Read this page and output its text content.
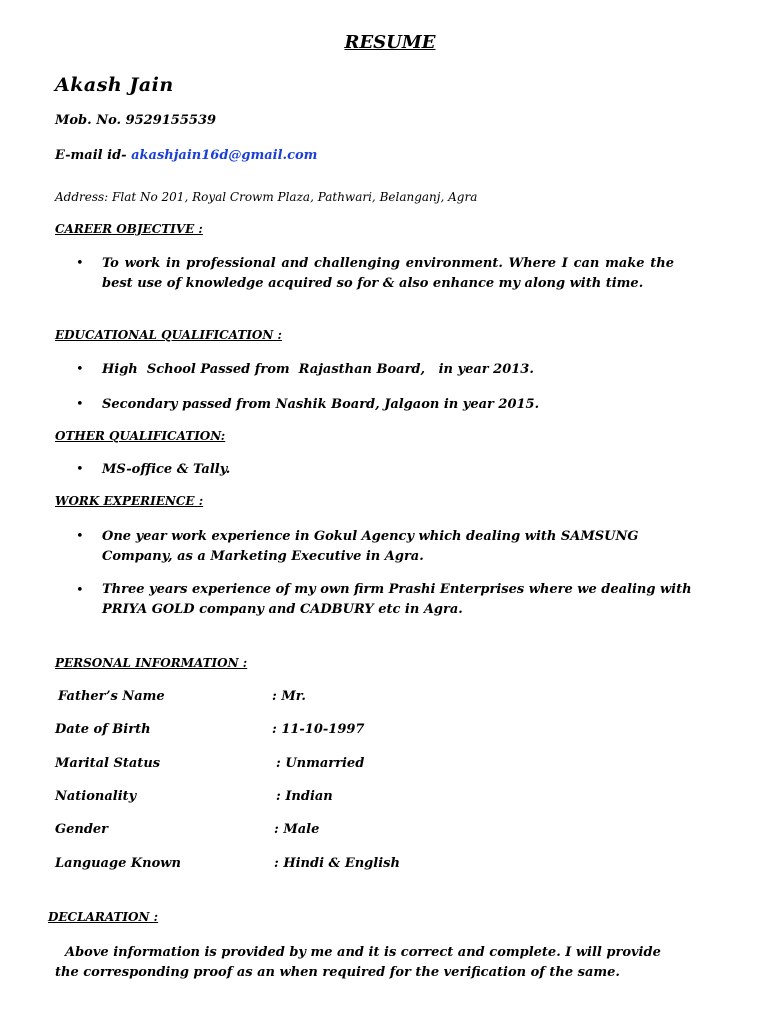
RESUME
Akash Jain
Mob. No. 9529155539
E-mail id- akashjain16d@gmail.com
Address: Flat No 201, Royal Crowm Plaza, Pathwari, Belanganj, Agra
CAREER OBJECTIVE :
• To work in professional and challenging environment. Where I can make the best use of knowledge acquired so for & also enhance my along with time.
EDUCATIONAL QUALIFICATION :
• High  School Passed from  Rajasthan Board,   in year 2013.
• Secondary passed from Nashik Board, Jalgaon in year 2015.
OTHER QUALIFICATION:
• MS-office & Tally.
WORK EXPERIENCE :
• One year work experience in Gokul Agency which dealing with SAMSUNG Company, as a Marketing Executive in Agra.
• Three years experience of my own firm Prashi Enterprises where we dealing with PRIYA GOLD company and CADBURY etc in Agra.
PERSONAL INFORMATION :
Father’s Name	: Mr.
Date of Birth	: 11-10-1997
Marital Status	: Unmarried
Nationality	: Indian
Gender	: Male
Language Known	: Hindi & English
DECLARATION :
Above information is provided by me and it is correct and complete. I will provide the corresponding proof as an when required for the verification of the same.
